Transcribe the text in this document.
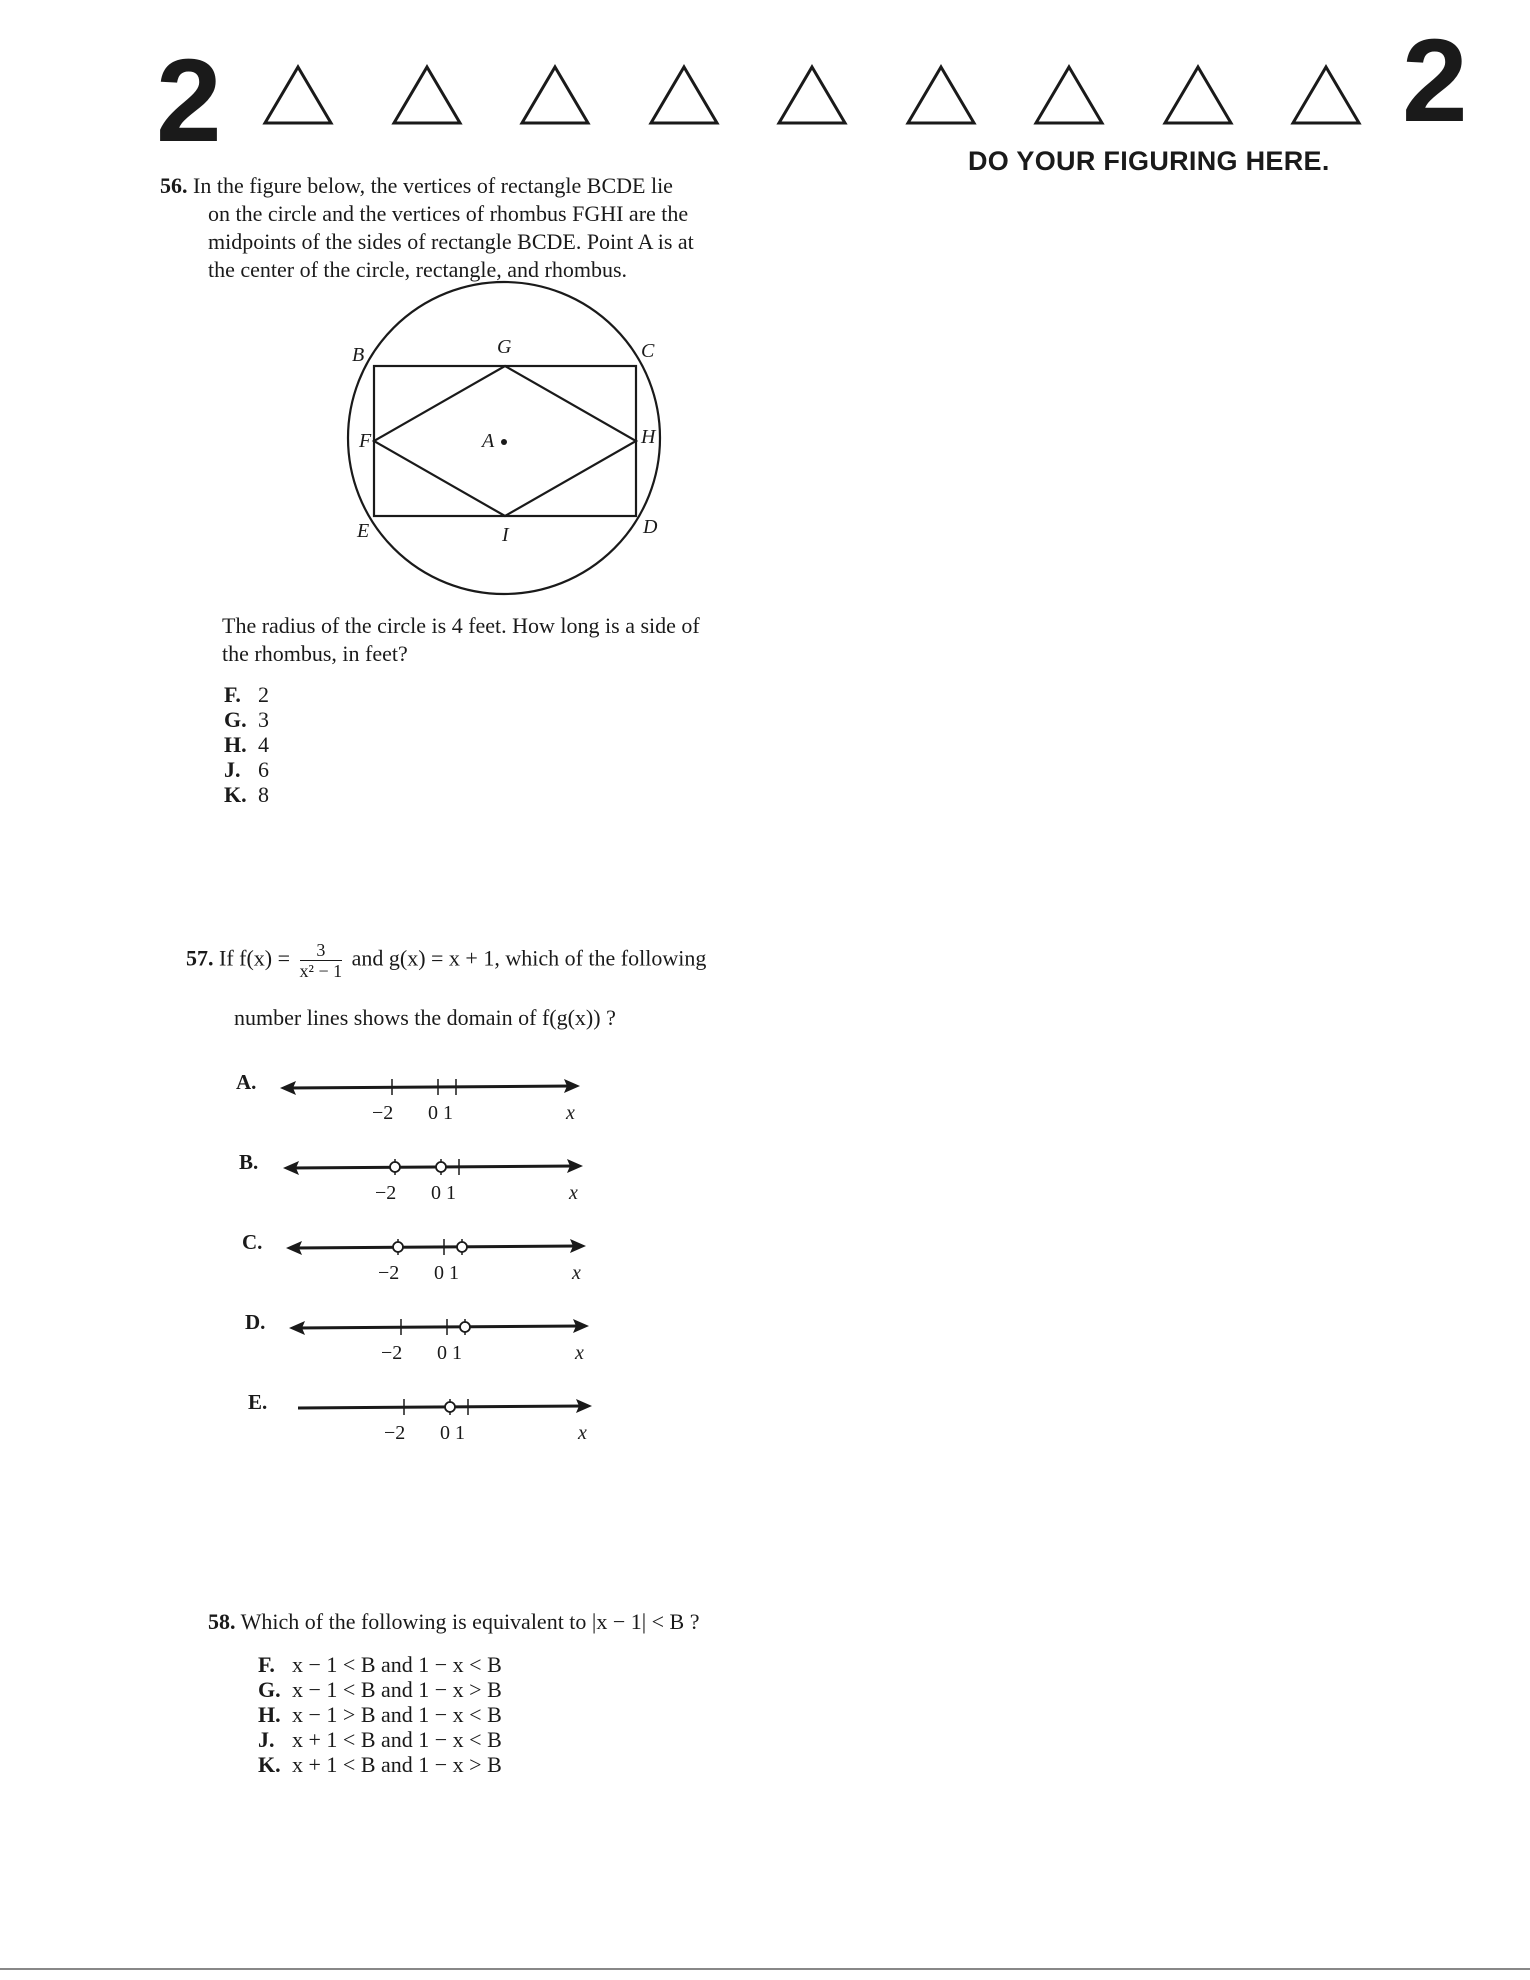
2	2
DO YOUR FIGURING HERE.
56. In the figure below, the vertices of rectangle BCDE lie
on the circle and the vertices of rhombus FGHI are the
midpoints of the sides of rectangle BCDE. Point A is at
the center of the circle, rectangle, and rhombus.
B	G	C
F	A	H
E	I	D
The radius of the circle is 4 feet. How long is a side of
the rhombus, in feet?
F. 2
G. 3
H. 4
J. 6
K. 8
57. If $f(x) = \frac{3}{\text{x² − 1}}$ and g(x) = x + 1, which of the following
number lines shows the domain of f(g(x)) ?
A.
−2 0 1	x
B.
−2 0 1	x
C.
−2 0 1	x
D.
−2 0 1	x
E.
−2 0 1	x
58. Which of the following is equivalent to |x − 1| < B ?
F. x − 1 < B and 1 − x < B
G. x − 1 < B and 1 − x > B
H. x − 1 > B and 1 − x < B
J. x + 1 < B and 1 − x < B
K. x + 1 < B and 1 − x > B
